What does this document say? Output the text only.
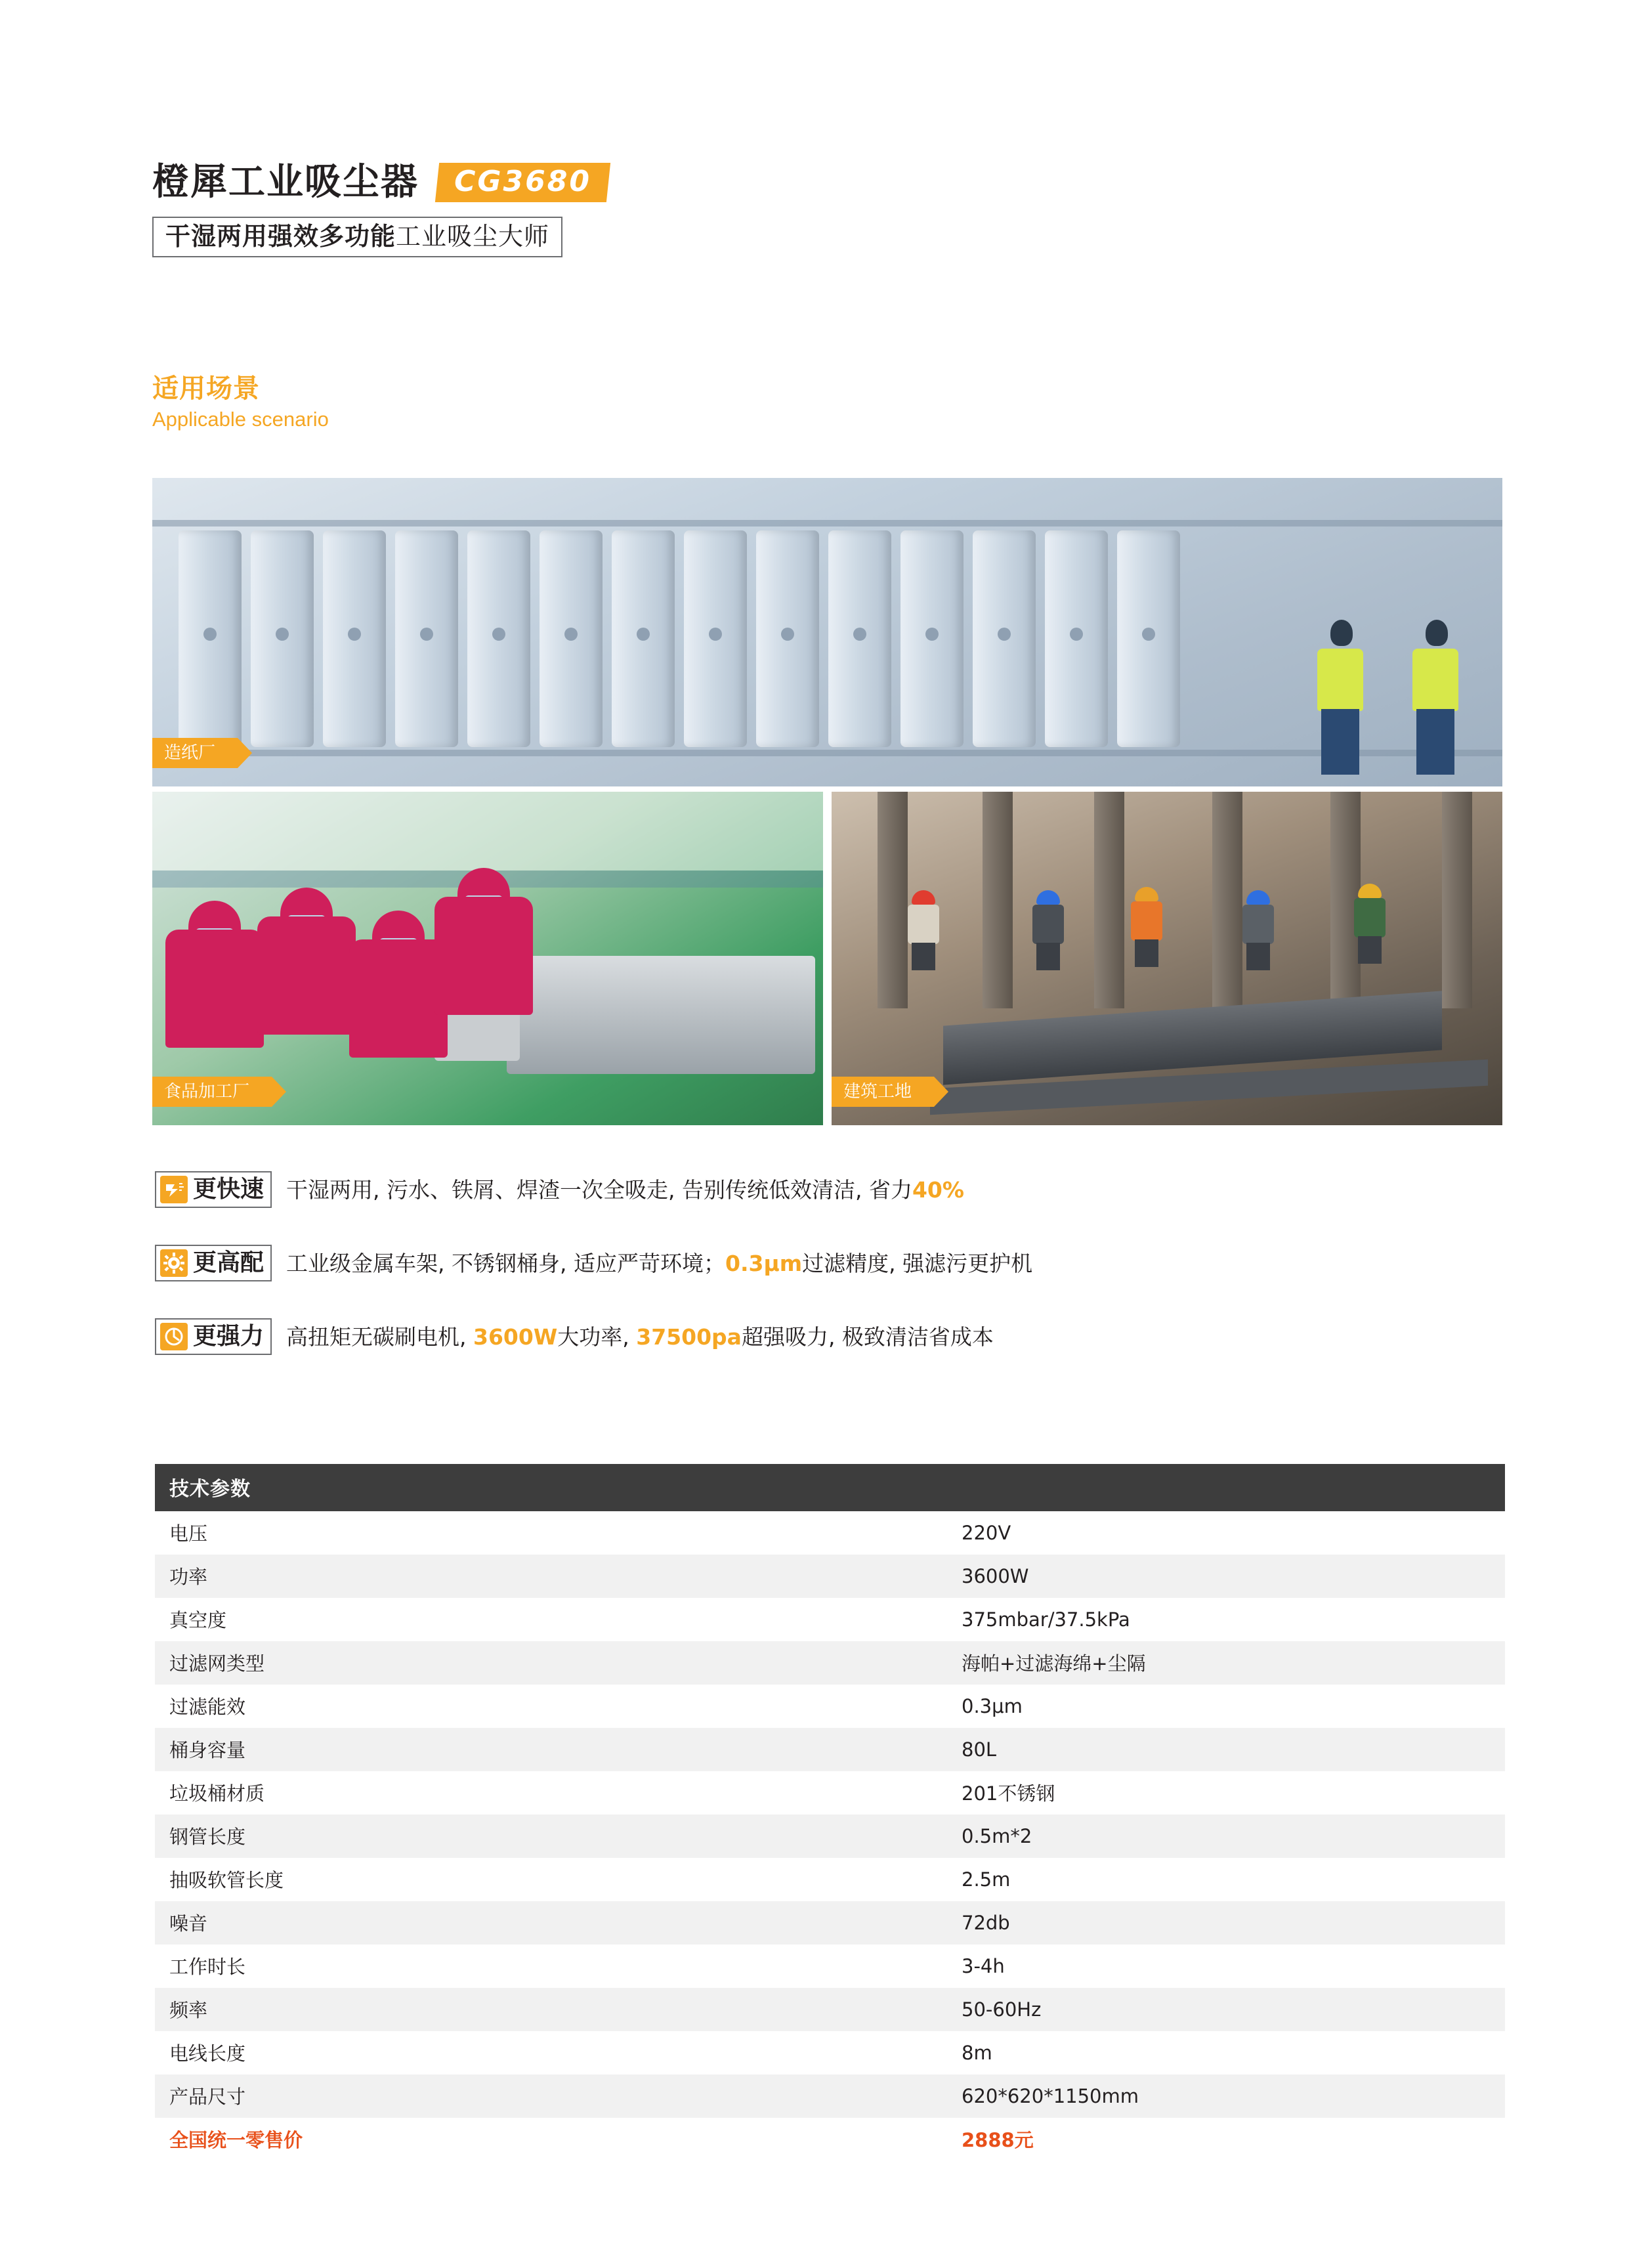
橙犀工业吸尘器	CG3680
干湿两用强效多功能工业吸尘大师
适用场景
Applicable scenario
造纸厂
食品加工厂	建筑工地
更快速 干湿两用, 污水、铁屑、焊渣一次全吸走, 告别传统低效清洁, 省力40%
更高配 工业级金属车架, 不锈钢桶身, 适应严苛环境；0.3μm过滤精度, 强滤污更护机
更强力 高扭矩无碳刷电机, 3600W大功率, 37500pa超强吸力, 极致清洁省成本
技术参数
电压	220V
功率	3600W
真空度	375mbar/37.5kPa
过滤网类型	海帕+过滤海绵+尘隔
过滤能效	0.3μm
桶身容量	80L
垃圾桶材质	201不锈钢
钢管长度	0.5m*2
抽吸软管长度	2.5m
噪音	72db
工作时长	3-4h
频率	50-60Hz
电线长度	8m
产品尺寸	620*620*1150mm
全国统一零售价	2888元
